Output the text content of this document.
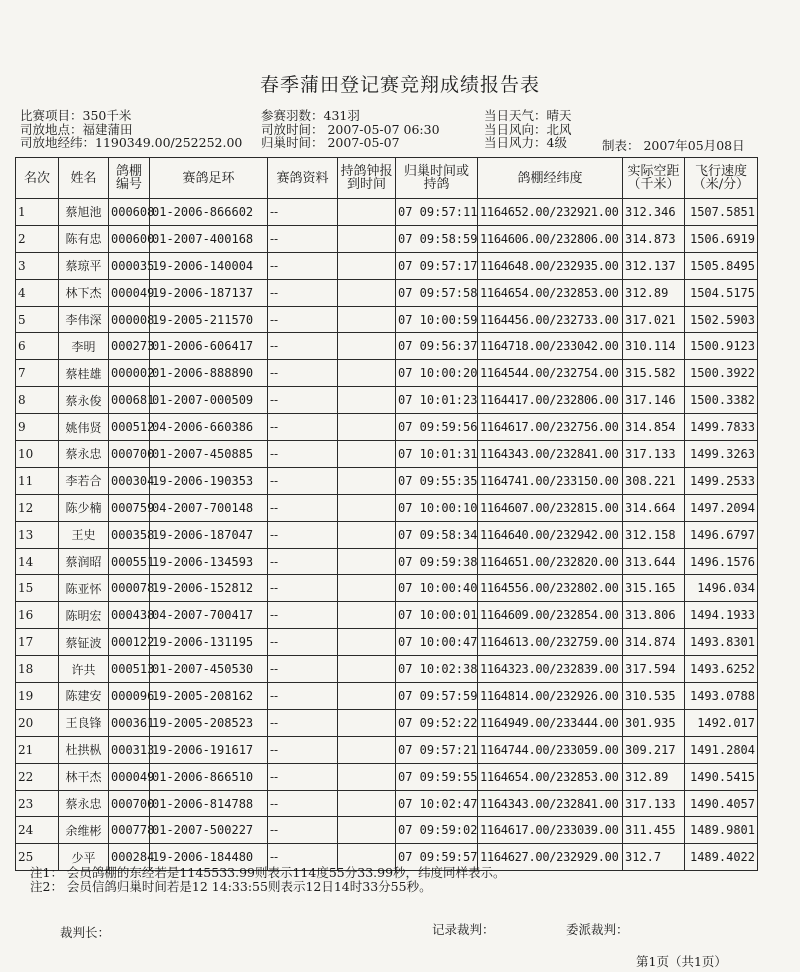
春季蒲田登记赛竞翔成绩报告表
比赛项目：350千米
司放地点：福建蒲田
司放地经纬：1190349.00/252252.00
参赛羽数：431羽
司放时间： 2007-05-07 06:30
归巢时间： 2007-05-07
当日天气：晴天
当日风向：北风
当日风力：4级	制表： 2007年05月08日
名次	姓名	鸽棚编号	赛鸽足环	赛鸽资料	持鸽钟报到时间	归巢时间或持鸽	鸽棚经纬度	实际空距（千米）	飞行速度（米/分）
1	蔡旭池	000608	01-2006-866602	--		07 09:57:11	1164652.00/232921.00	312.346	1507.5851
2	陈有忠	000600	01-2007-400168	--		07 09:58:59	1164606.00/232806.00	314.873	1506.6919
3	蔡琼平	000035	19-2006-140004	--		07 09:57:17	1164648.00/232935.00	312.137	1505.8495
4	林下杰	000049	19-2006-187137	--		07 09:57:58	1164654.00/232853.00	312.89	1504.5175
5	李伟深	000008	19-2005-211570	--		07 10:00:59	1164456.00/232733.00	317.021	1502.5903
6	李明	000273	01-2006-606417	--		07 09:56:37	1164718.00/233042.00	310.114	1500.9123
7	蔡桂雄	000002	01-2006-888890	--		07 10:00:20	1164544.00/232754.00	315.582	1500.3922
8	蔡永俊	000681	01-2007-000509	--		07 10:01:23	1164417.00/232806.00	317.146	1500.3382
9	姚伟贤	000512	04-2006-660386	--		07 09:59:56	1164617.00/232756.00	314.854	1499.7833
10	蔡永忠	000700	01-2007-450885	--		07 10:01:31	1164343.00/232841.00	317.133	1499.3263
11	李若合	000304	19-2006-190353	--		07 09:55:35	1164741.00/233150.00	308.221	1499.2533
12	陈少楠	000759	04-2007-700148	--		07 10:00:10	1164607.00/232815.00	314.664	1497.2094
13	王史	000358	19-2006-187047	--		07 09:58:34	1164640.00/232942.00	312.158	1496.6797
14	蔡润昭	000551	19-2006-134593	--		07 09:59:38	1164651.00/232820.00	313.644	1496.1576
15	陈亚怀	000078	19-2006-152812	--		07 10:00:40	1164556.00/232802.00	315.165	1496.034
16	陈明宏	000438	04-2007-700417	--		07 10:00:01	1164609.00/232854.00	313.806	1494.1933
17	蔡钲波	000122	19-2006-131195	--		07 10:00:47	1164613.00/232759.00	314.874	1493.8301
18	许共	000513	01-2007-450530	--		07 10:02:38	1164323.00/232839.00	317.594	1493.6252
19	陈建安	000096	19-2005-208162	--		07 09:57:59	1164814.00/232926.00	310.535	1493.0788
20	王良锋	000361	19-2005-208523	--		07 09:52:22	1164949.00/233444.00	301.935	1492.017
21	杜拱枞	000313	19-2006-191617	--		07 09:57:21	1164744.00/233059.00	309.217	1491.2804
22	林干杰	000049	01-2006-866510	--		07 09:59:55	1164654.00/232853.00	312.89	1490.5415
23	蔡永忠	000700	01-2006-814788	--		07 10:02:47	1164343.00/232841.00	317.133	1490.4057
24	余维彬	000778	01-2007-500227	--		07 09:59:02	1164617.00/233039.00	311.455	1489.9801
25	少平	000284	19-2006-184480	--		07 09:59:57	1164627.00/232929.00	312.7	1489.4022
注1： 会员鸽棚的东经若是1145533.99则表示114度55分33.99秒，纬度同样表示。
注2： 会员信鸽归巢时间若是12 14:33:55则表示12日14时33分55秒。
裁判长：	记录裁判：	委派裁判：
第1页（共1页）
